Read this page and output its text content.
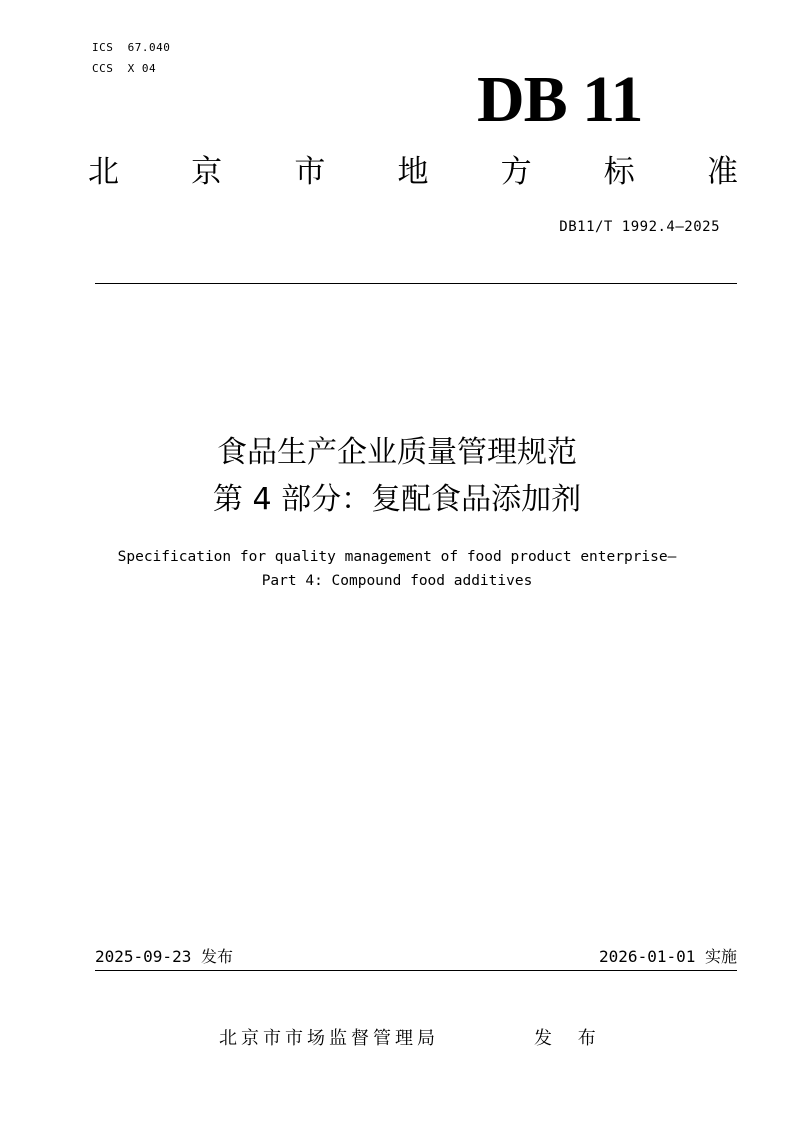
ICS  67.040
CCS  X 04	DB 11
北 京 市 地 方 标 准
DB11/T 1992.4—2025
食品生产企业质量管理规范
第 4 部分：复配食品添加剂
Specification for quality management of food product enterprise—
Part 4: Compound food additives
2025-09-23 发布	2026-01-01 实施
北京市市场监督管理局	发 布
